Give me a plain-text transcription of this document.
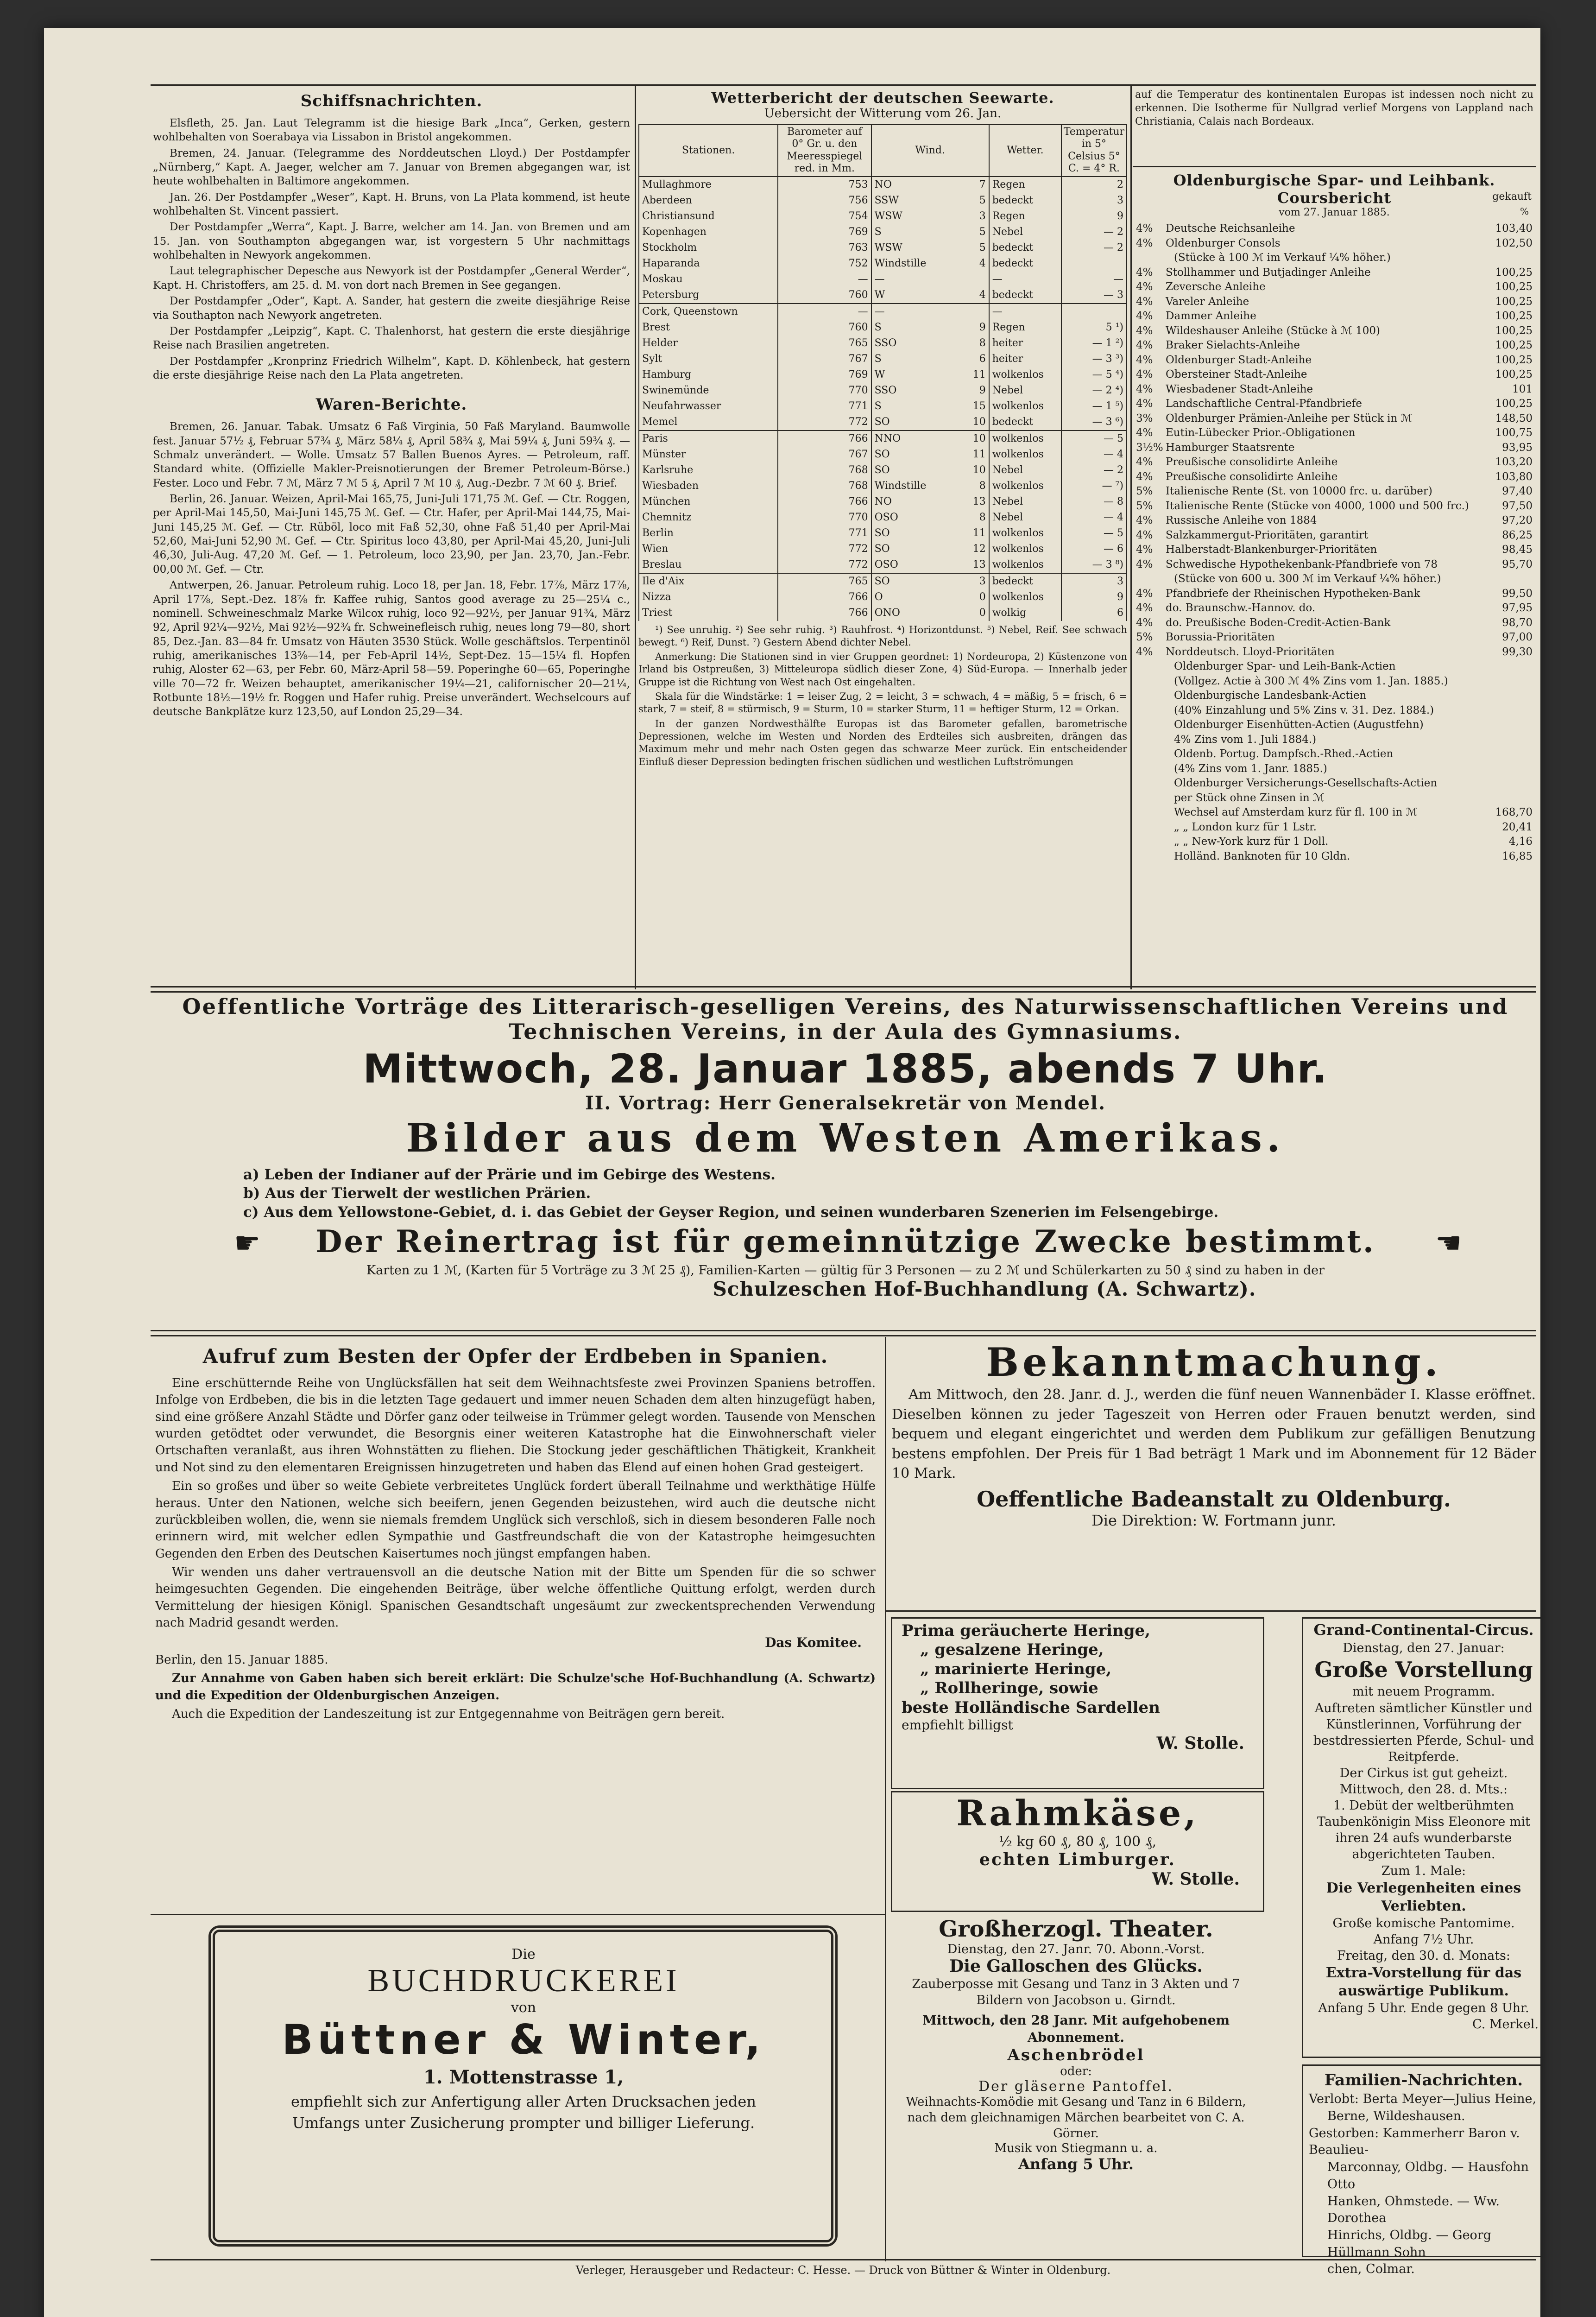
Schiffsnachrichten.

Elsfleth, 25. Jan. Laut Telegramm ist die hiesige Bark „Inca“, Gerken, gestern wohlbehalten von Soerabaya via Lissabon in Bristol angekommen.

Bremen, 24. Januar. (Telegramme des Norddeutschen Lloyd.) Der Postdampfer „Nürnberg,“ Kapt. A. Jaeger, welcher am 7. Januar von Bremen abgegangen war, ist heute wohlbehalten in Baltimore angekommen.

Jan. 26. Der Postdampfer „Weser“, Kapt. H. Bruns, von La Plata kommend, ist heute wohlbehalten St. Vincent passiert.

Der Postdampfer „Werra“, Kapt. J. Barre, welcher am 14. Jan. von Bremen und am 15. Jan. von Southampton abgegangen war, ist vorgestern 5 Uhr nachmittags wohlbehalten in Newyork angekommen.

Laut telegraphischer Depesche aus Newyork ist der Postdampfer „General Werder“, Kapt. H. Christoffers, am 25. d. M. von dort nach Bremen in See gegangen.

Der Postdampfer „Oder“, Kapt. A. Sander, hat gestern die zweite diesjährige Reise via Southapton nach Newyork angetreten.

Der Postdampfer „Leipzig“, Kapt. C. Thalenhorst, hat gestern die erste diesjährige Reise nach Brasilien angetreten.

Der Postdampfer „Kronprinz Friedrich Wilhelm“, Kapt. D. Köhlenbeck, hat gestern die erste diesjährige Reise nach den La Plata angetreten.

Waren-Berichte.

Bremen, 26. Januar. Tabak. Umsatz 6 Faß Virginia, 50 Faß Maryland. Baumwolle fest. Januar 57½ ₰, Februar 57¾ ₰, März 58¼ ₰, April 58¾ ₰, Mai 59¼ ₰, Juni 59¾ ₰. — Schmalz unverändert. — Wolle. Umsatz 57 Ballen Buenos Ayres. — Petroleum, raff. Standard white. (Offizielle Makler-Preisnotierungen der Bremer Petroleum-Börse.) Fester. Loco und Febr. 7 ℳ, März 7 ℳ 5 ₰, April 7 ℳ 10 ₰, Aug.-Dezbr. 7 ℳ 60 ₰. Brief.

Berlin, 26. Januar. Weizen, April-Mai 165,75, Juni-Juli 171,75 ℳ. Gef. — Ctr. Roggen, per April-Mai 145,50, Mai-Juni 145,75 ℳ. Gef. — Ctr. Hafer, per April-Mai 144,75, Mai-Juni 145,25 ℳ. Gef. — Ctr. Rüböl, loco mit Faß 52,30, ohne Faß 51,40 per April-Mai 52,60, Mai-Juni 52,90 ℳ. Gef. — Ctr. Spiritus loco 43,80, per April-Mai 45,20, Juni-Juli 46,30, Juli-Aug. 47,20 ℳ. Gef. — 1. Petroleum, loco 23,90, per Jan. 23,70, Jan.-Febr. 00,00 ℳ. Gef. — Ctr.

Antwerpen, 26. Januar. Petroleum ruhig. Loco 18, per Jan. 18, Febr. 17⅞, März 17⅞, April 17⅞, Sept.-Dez. 18⅞ fr. Kaffee ruhig, Santos good average zu 25—25¼ c., nominell. Schweineschmalz Marke Wilcox ruhig, loco 92—92½, per Januar 91¾, März 92, April 92¼—92½, Mai 92½—92¾ fr. Schweinefleisch ruhig, neues long 79—80, short 85, Dez.-Jan. 83—84 fr. Umsatz von Häuten 3530 Stück. Wolle geschäftslos. Terpentinöl ruhig, amerikanisches 13⅝—14, per Feb-April 14½, Sept-Dez. 15—15¼ fl. Hopfen ruhig, Aloster 62—63, per Febr. 60, März-April 58—59. Poperinghe 60—65, Poperinghe ville 70—72 fr. Weizen behauptet, amerikanischer 19¼—21, californischer 20—21¼, Rotbunte 18½—19½ fr. Roggen und Hafer ruhig. Preise unverändert. Wechselcours auf deutsche Bankplätze kurz 123,50, auf London 25,29—34.

Wetterbericht der deutschen Seewarte.
Uebersicht der Witterung vom 26. Jan.
Stationen.	Barometer auf 0° Gr. u. den Meeresspiegel red. in Mm.	Wind.	Wetter.	Temperatur in 5° Celsius 5° C. = 4° R.
Mullaghmore	753	NO 7	Regen	2
Aberdeen	756	SSW 5	bedeckt	3
Christiansund	754	WSW 3	Regen	9
Kopenhagen	769	S 5	Nebel	— 2
Stockholm	763	WSW 5	bedeckt	— 2
Haparanda	752	Windstille 4	bedeckt	
Moskau	—	—	—	—
Petersburg	760	W 4	bedeckt	— 3
Cork, Queenstown	—	—	—	
Brest	760	S 9	Regen	5 ¹)
Helder	765	SSO 8	heiter	— 1 ²)
Sylt	767	S 6	heiter	— 3 ³)
Hamburg	769	W 11	wolkenlos	— 5 ⁴)
Swinemünde	770	SSO 9	Nebel	— 2 ⁴)
Neufahrwasser	771	S 15	wolkenlos	— 1 ⁵)
Memel	772	SO 10	bedeckt	— 3 ⁶)
Paris	766	NNO 10	wolkenlos	— 5
Münster	767	SO 11	wolkenlos	— 4
Karlsruhe	768	SO 10	Nebel	— 2
Wiesbaden	768	Windstille 8	wolkenlos	— ⁷)
München	766	NO 13	Nebel	— 8
Chemnitz	770	OSO 8	Nebel	— 4
Berlin	771	SO 11	wolkenlos	— 5
Wien	772	SO 12	wolkenlos	— 6
Breslau	772	OSO 13	wolkenlos	— 3 ⁸)
Ile d'Aix	765	SO 3	bedeckt	3
Nizza	766	O 0	wolkenlos	9
Triest	766	ONO 0	wolkig	6

¹) See unruhig. ²) See sehr ruhig. ³) Rauhfrost. ⁴) Horizontdunst. ⁵) Nebel, Reif. See schwach bewegt. ⁶) Reif, Dunst. ⁷) Gestern Abend dichter Nebel.

Anmerkung: Die Stationen sind in vier Gruppen geordnet: 1) Nordeuropa, 2) Küstenzone von Irland bis Ostpreußen, 3) Mitteleuropa südlich dieser Zone, 4) Süd-Europa. — Innerhalb jeder Gruppe ist die Richtung von West nach Ost eingehalten.

Skala für die Windstärke: 1 = leiser Zug, 2 = leicht, 3 = schwach, 4 = mäßig, 5 = frisch, 6 = stark, 7 = steif, 8 = stürmisch, 9 = Sturm, 10 = starker Sturm, 11 = heftiger Sturm, 12 = Orkan.

In der ganzen Nordwesthälfte Europas ist das Barometer gefallen, barometrische Depressionen, welche im Westen und Norden des Erdteiles sich ausbreiten, drängen das Maximum mehr und mehr nach Osten gegen das schwarze Meer zurück. Ein entscheidender Einfluß dieser Depression bedingten frischen südlichen und westlichen Luftströmungen

auf die Temperatur des kontinentalen Europas ist indessen noch nicht zu erkennen. Die Isotherme für Nullgrad verlief Morgens von Lappland nach Christiania, Calais nach Bordeaux.

Oldenburgische Spar- und Leihbank.
Coursbericht	gekauft
vom 27. Januar 1885.	%
4%	Deutsche Reichsanleihe	103,40
4%	Oldenburger Consols	102,50
	(Stücke à 100 ℳ im Verkauf ¼% höher.)	
4%	Stollhammer und Butjadinger Anleihe	100,25
4%	Zeversche Anleihe	100,25
4%	Vareler Anleihe	100,25
4%	Dammer Anleihe	100,25
4%	Wildeshauser Anleihe (Stücke à ℳ 100)	100,25
4%	Braker Sielachts-Anleihe	100,25
4%	Oldenburger Stadt-Anleihe	100,25
4%	Obersteiner Stadt-Anleihe	100,25
4%	Wiesbadener Stadt-Anleihe	101
4%	Landschaftliche Central-Pfandbriefe	100,25
3%	Oldenburger Prämien-Anleihe per Stück in ℳ	148,50
4%	Eutin-Lübecker Prior.-Obligationen	100,75
3½%	Hamburger Staatsrente	93,95
4%	Preußische consolidirte Anleihe	103,20
4%	Preußische consolidirte Anleihe	103,80
5%	Italienische Rente (St. von 10000 frc. u. darüber)	97,40
5%	Italienische Rente (Stücke von 4000, 1000 und 500 frc.)	97,50
4%	Russische Anleihe von 1884	97,20
4%	Salzkammergut-Prioritäten, garantirt	86,25
4%	Halberstadt-Blankenburger-Prioritäten	98,45
4%	Schwedische Hypothekenbank-Pfandbriefe von 78	95,70
	(Stücke von 600 u. 300 ℳ im Verkauf ¼% höher.)	
4%	Pfandbriefe der Rheinischen Hypotheken-Bank	99,50
4%	do. Braunschw.-Hannov. do.	97,95
4%	do. Preußische Boden-Credit-Actien-Bank	98,70
5%	Borussia-Prioritäten	97,00
4%	Norddeutsch. Lloyd-Prioritäten	99,30
	Oldenburger Spar- und Leih-Bank-Actien	
	(Vollgez. Actie à 300 ℳ 4% Zins vom 1. Jan. 1885.)	
	Oldenburgische Landesbank-Actien	
	(40% Einzahlung und 5% Zins v. 31. Dez. 1884.)	
	Oldenburger Eisenhütten-Actien (Augustfehn)	
	4% Zins vom 1. Juli 1884.)	
	Oldenb. Portug. Dampfsch.-Rhed.-Actien	
	(4% Zins vom 1. Janr. 1885.)	
	Oldenburger Versicherungs-Gesellschafts-Actien	
	per Stück ohne Zinsen in ℳ	
	Wechsel auf Amsterdam kurz für fl. 100 in ℳ	168,70
	„ „ London kurz für 1 Lstr.	20,41
	„ „ New-York kurz für 1 Doll.	4,16
	Holländ. Banknoten für 10 Gldn.	16,85
Oeffentliche Vorträge des Litterarisch-geselligen Vereins, des Naturwissenschaftlichen Vereins und
Technischen Vereins, in der Aula des Gymnasiums.
Mittwoch, 28. Januar 1885, abends 7 Uhr.
II. Vortrag: Herr Generalsekretär von Mendel.
Bilder aus dem Westen Amerikas.
a) Leben der Indianer auf der Prärie und im Gebirge des Westens.
b) Aus der Tierwelt der westlichen Prärien.
c) Aus dem Yellowstone-Gebiet, d. i. das Gebiet der Geyser Region, und seinen wunderbaren Szenerien im Felsengebirge.
☛	Der Reinertrag ist für gemeinnützige Zwecke bestimmt.	☛
Karten zu 1 ℳ, (Karten für 5 Vorträge zu 3 ℳ 25 ₰), Familien-Karten — gültig für 3 Personen — zu 2 ℳ und Schülerkarten zu 50 ₰ sind zu haben in der
Schulzeschen Hof-Buchhandlung (A. Schwartz).
Aufruf zum Besten der Opfer der Erdbeben in Spanien.

Eine erschütternde Reihe von Unglücksfällen hat seit dem Weihnachtsfeste zwei Provinzen Spaniens betroffen. Infolge von Erdbeben, die bis in die letzten Tage gedauert und immer neuen Schaden dem alten hinzugefügt haben, sind eine größere Anzahl Städte und Dörfer ganz oder teilweise in Trümmer gelegt worden. Tausende von Menschen wurden getödtet oder verwundet, die Besorgnis einer weiteren Katastrophe hat die Einwohnerschaft vieler Ortschaften veranlaßt, aus ihren Wohnstätten zu fliehen. Die Stockung jeder geschäftlichen Thätigkeit, Krankheit und Not sind zu den elementaren Ereignissen hinzugetreten und haben das Elend auf einen hohen Grad gesteigert.

Ein so großes und über so weite Gebiete verbreitetes Unglück fordert überall Teilnahme und werkthätige Hülfe heraus. Unter den Nationen, welche sich beeifern, jenen Gegenden beizustehen, wird auch die deutsche nicht zurückbleiben wollen, die, wenn sie niemals fremdem Unglück sich verschloß, sich in diesem besonderen Falle noch erinnern wird, mit welcher edlen Sympathie und Gastfreundschaft die von der Katastrophe heimgesuchten Gegenden den Erben des Deutschen Kaisertumes noch jüngst empfangen haben.

Wir wenden uns daher vertrauensvoll an die deutsche Nation mit der Bitte um Spenden für die so schwer heimgesuchten Gegenden. Die eingehenden Beiträge, über welche öffentliche Quittung erfolgt, werden durch Vermittelung der hiesigen Königl. Spanischen Gesandtschaft ungesäumt zur zweckentsprechenden Verwendung nach Madrid gesandt werden.

Das Komitee.

Berlin, den 15. Januar 1885.

Zur Annahme von Gaben haben sich bereit erklärt: Die Schulze'sche Hof-Buchhandlung (A. Schwartz) und die Expedition der Oldenburgischen Anzeigen.

Auch die Expedition der Landeszeitung ist zur Entgegennahme von Beiträgen gern bereit.

Die
BUCHDRUCKEREI
von
Büttner & Winter,
1. Mottenstrasse 1,
empfiehlt sich zur Anfertigung aller Arten Drucksachen jeden Umfangs unter Zusicherung prompter und billiger Lieferung.
Bekanntmachung.

Am Mittwoch, den 28. Janr. d. J., werden die fünf neuen Wannenbäder I. Klasse eröffnet. Dieselben können zu jeder Tageszeit von Herren oder Frauen benutzt werden, sind bequem und elegant eingerichtet und werden dem Publikum zur gefälligen Benutzung bestens empfohlen. Der Preis für 1 Bad beträgt 1 Mark und im Abonnement für 12 Bäder 10 Mark.

Oeffentliche Badeanstalt zu Oldenburg.
Die Direktion: W. Fortmann junr.
Prima geräucherte Heringe,
„ gesalzene Heringe,
„ marinierte Heringe,
„ Rollheringe, sowie
beste Holländische Sardellen
empfiehlt billigst
W. Stolle.
Rahmkäse,
½ kg 60 ₰, 80 ₰, 100 ₰,
echten Limburger.
W. Stolle.
Großherzogl. Theater.
Dienstag, den 27. Janr. 70. Abonn.-Vorst.
Die Galloschen des Glücks.
Zauberposse mit Gesang und Tanz in 3 Akten und 7 Bildern von Jacobson u. Girndt.
Mittwoch, den 28 Janr. Mit aufgehobenem Abonnement.
Aschenbrödel
oder:
Der gläserne Pantoffel.
Weihnachts-Komödie mit Gesang und Tanz in 6 Bildern, nach dem gleichnamigen Märchen bearbeitet von C. A. Görner.
Musik von Stiegmann u. a.
Anfang 5 Uhr.
Grand-Continental-Circus.
Dienstag, den 27. Januar:
Große Vorstellung
mit neuem Programm.
Auftreten sämtlicher Künstler und Künstlerinnen, Vorführung der bestdressierten Pferde, Schul- und Reitpferde.
Der Cirkus ist gut geheizt.
Mittwoch, den 28. d. Mts.:
1. Debüt der weltberühmten Taubenkönigin Miss Eleonore mit ihren 24 aufs wunderbarste abgerichteten Tauben.
Zum 1. Male:
Die Verlegenheiten eines Verliebten.
Große komische Pantomime.
Anfang 7½ Uhr.
Freitag, den 30. d. Monats:
Extra-Vorstellung für das auswärtige Publikum.
Anfang 5 Uhr. Ende gegen 8 Uhr.
C. Merkel.
Familien-Nachrichten.
Verlobt: Berta Meyer—Julius Heine,
Berne, Wildeshausen.
Gestorben: Kammerherr Baron v. Beaulieu-
Marconnay, Oldbg. — Hausfohn Otto
Hanken, Ohmstede. — Ww. Dorothea
Hinrichs, Oldbg. — Georg Hüllmann Sohn
chen, Colmar.
Verleger, Herausgeber und Redacteur: C. Hesse. — Druck von Büttner & Winter in Oldenburg.
